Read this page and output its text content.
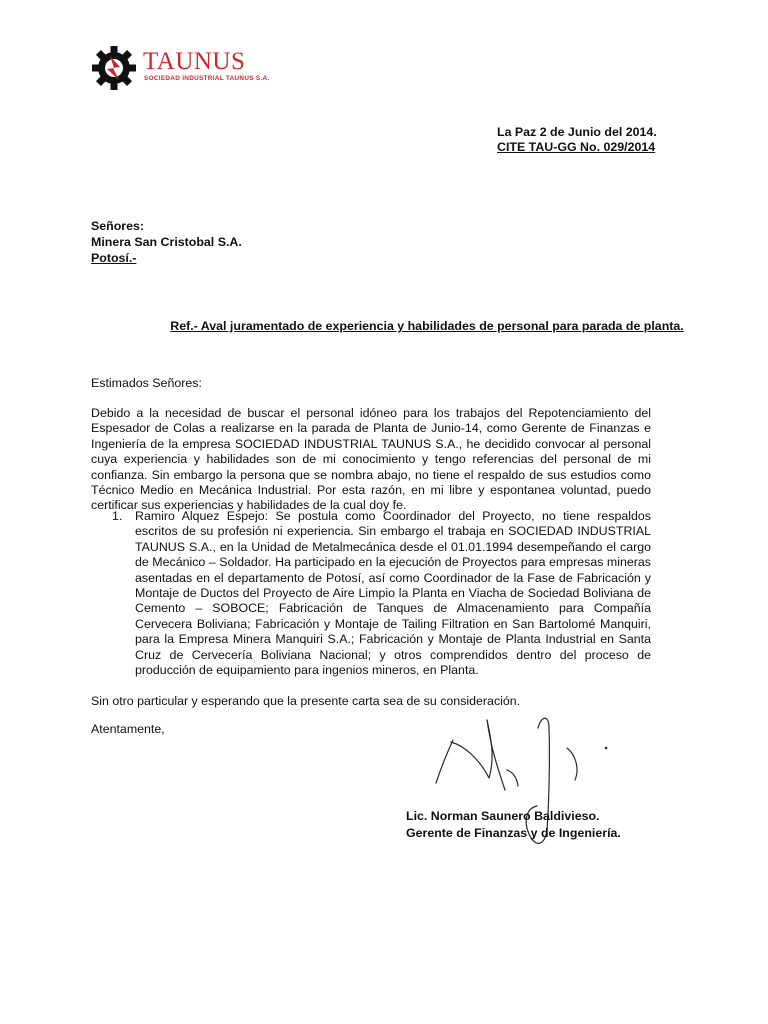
TAUNUS
SOCIEDAD INDUSTRIAL TAUNUS S.A.
La Paz 2 de Junio del 2014.
CITE TAU-GG No. 029/2014
Señores:
Minera San Cristobal S.A.
Potosí.-
Ref.- Aval juramentado de experiencia y habilidades de personal para parada de planta.
Estimados Señores:
Debido a la necesidad de buscar el personal idóneo para los trabajos del Repotenciamiento del Espesador de Colas a realizarse en la parada de Planta de Junio-14, como Gerente de Finanzas e Ingeniería de la empresa SOCIEDAD INDUSTRIAL TAUNUS S.A., he decidido convocar al personal cuya experiencia y habilidades son de mi conocimiento y tengo referencias del personal de mi confianza. Sin embargo la persona que se nombra abajo, no tiene el respaldo de sus estudios como Técnico Medio en Mecánica Industrial. Por esta razón, en mi libre y espontanea voluntad, puedo certificar sus experiencias y habilidades de la cual doy fe.
1. Ramiro Alquez Espejo: Se postula como Coordinador del Proyecto, no tiene respaldos escritos de su profesión ni experiencia. Sin embargo el trabaja en SOCIEDAD INDUSTRIAL TAUNUS S.A., en la Unidad de Metalmecánica desde el 01.01.1994 desempeñando el cargo de Mecánico – Soldador. Ha participado en la ejecución de Proyectos para empresas mineras asentadas en el departamento de Potosí, así como Coordinador de la Fase de Fabricación y Montaje de Ductos del Proyecto de Aire Limpio la Planta en Viacha de Sociedad Boliviana de Cemento – SOBOCE; Fabricación de Tanques de Almacenamiento para Compañía Cervecera Boliviana; Fabricación y Montaje de Tailing Filtration en San Bartolomé Manquiri, para la Empresa Minera Manquiri S.A.; Fabricación y Montaje de Planta Industrial en Santa Cruz de Cervecería Boliviana Nacional; y otros comprendidos dentro del proceso de producción de equipamiento para ingenios mineros, en Planta.
Sin otro particular y esperando que la presente carta sea de su consideración.
Atentamente,
Lic. Norman Saunero Baldivieso.
Gerente de Finanzas y de Ingeniería.
